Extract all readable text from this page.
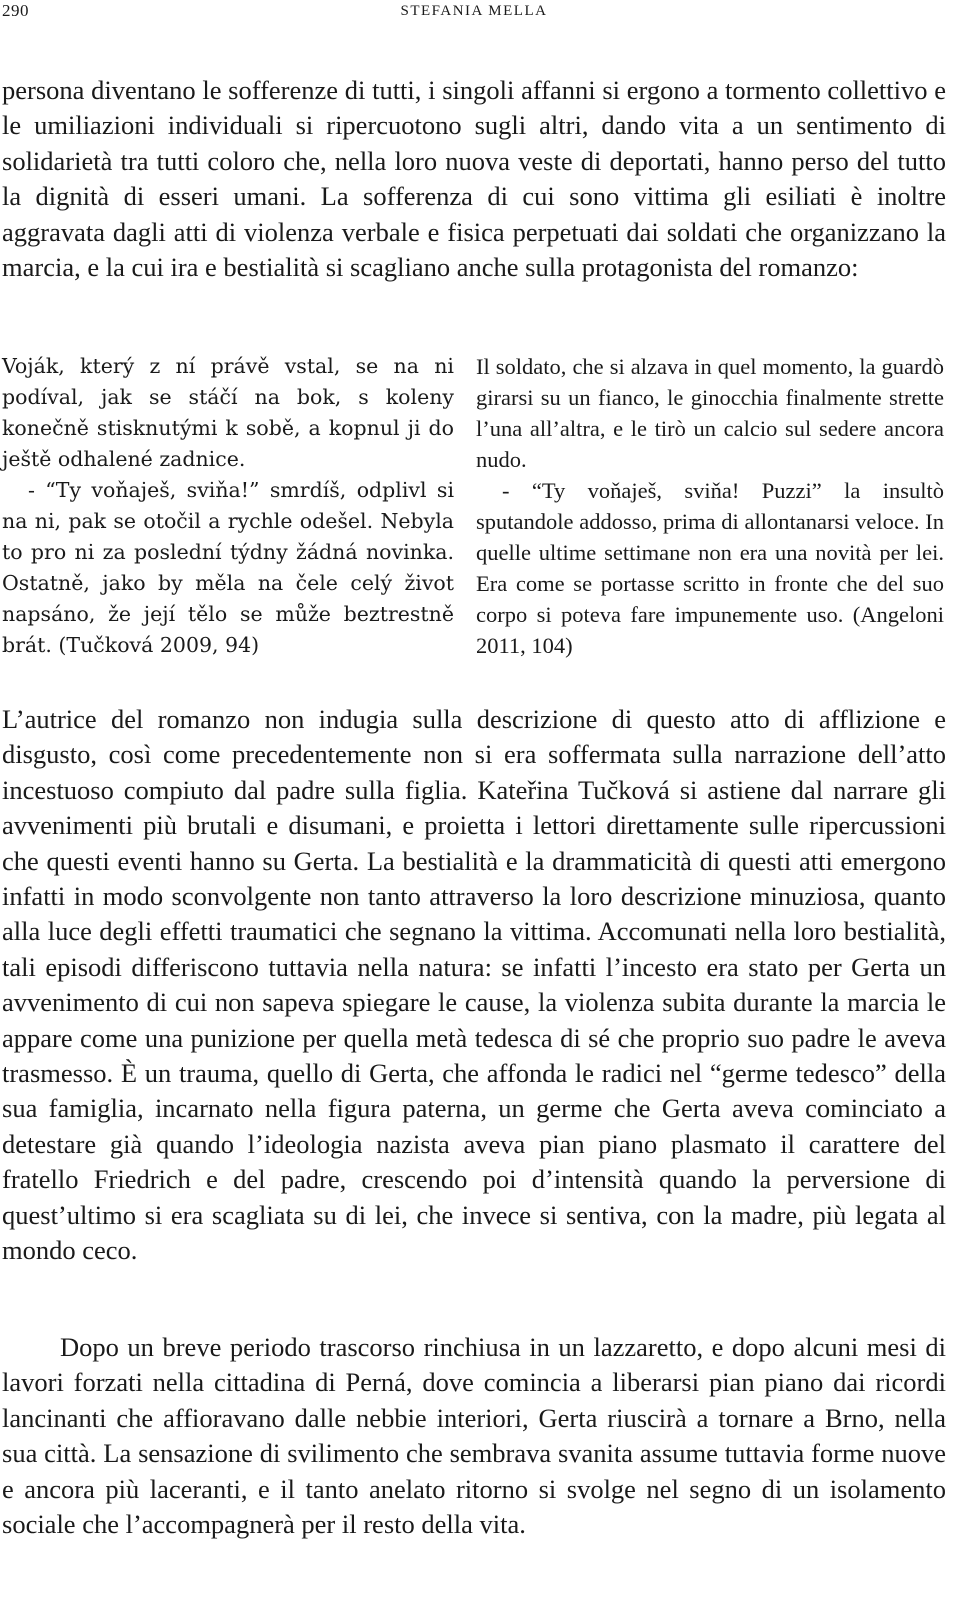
290	STEFANIA MELLA

persona diventano le sofferenze di tutti, i singoli affanni si ergono a tormento collettivo e le umiliazioni individuali si ripercuotono sugli altri, dando vita a un sentimento di solidarietà tra tutti coloro che, nella loro nuova veste di deportati, hanno perso del tutto la dignità di esseri umani. La sofferenza di cui sono vittima gli esiliati è inoltre aggravata dagli atti di violenza verbale e fisica perpetuati dai soldati che organizzano la marcia, e la cui ira e bestialità si scagliano anche sulla protagonista del romanzo:

Voják, který z ní právě vstal, se na ni podíval, jak se stáčí na bok, s koleny konečně stisknutými k sobě, a kopnul ji do ještě odhalené zadnice.
- “Ty voňaješ, sviňa!” smrdíš, odplivl si na ni, pak se otočil a rychle odešel. Nebyla to pro ni za poslední týdny žádná novinka. Ostatně, jako by měla na čele celý život napsáno, že její tělo se může beztrestně brát. (Tučková 2009, 94)
Il soldato, che si alzava in quel momento, la guardò girarsi su un fianco, le ginocchia finalmente strette l’una all’altra, e le tirò un calcio sul sedere ancora nudo.
- “Ty voňaješ, sviňa! Puzzi” la insultò sputandole addosso, prima di allontanarsi veloce. In quelle ultime settimane non era una novità per lei. Era come se portasse scritto in fronte che del suo corpo si poteva fare impunemente uso. (Angeloni 2011, 104)

L’autrice del romanzo non indugia sulla descrizione di questo atto di afflizione e disgusto, così come precedentemente non si era soffermata sulla narrazione dell’atto incestuoso compiuto dal padre sulla figlia. Kateřina Tučková si astiene dal narrare gli avvenimenti più brutali e disumani, e proietta i lettori direttamente sulle ripercussioni che questi eventi hanno su Gerta. La bestialità e la drammaticità di questi atti emergono infatti in modo sconvolgente non tanto attraverso la loro descrizione minuziosa, quanto alla luce degli effetti traumatici che segnano la vittima. Accomunati nella loro bestialità, tali episodi differiscono tuttavia nella natura: se infatti l’incesto era stato per Gerta un avvenimento di cui non sapeva spiegare le cause, la violenza subita durante la marcia le appare come una punizione per quella metà tedesca di sé che proprio suo padre le aveva trasmesso. È un trauma, quello di Gerta, che affonda le radici nel “germe tedesco” della sua famiglia, incarnato nella figura paterna, un germe che Gerta aveva cominciato a detestare già quando l’ideologia nazista aveva pian piano plasmato il carattere del fratello Friedrich e del padre, crescendo poi d’intensità quando la perversione di quest’ultimo si era scagliata su di lei, che invece si sentiva, con la madre, più legata al mondo ceco.

Dopo un breve periodo trascorso rinchiusa in un lazzaretto, e dopo alcuni mesi di lavori forzati nella cittadina di Perná, dove comincia a liberarsi pian piano dai ricordi lancinanti che affioravano dalle nebbie interiori, Gerta riuscirà a tornare a Brno, nella sua città. La sensazione di svilimento che sembrava svanita assume tuttavia forme nuove e ancora più laceranti, e il tanto anelato ritorno si svolge nel segno di un isolamento sociale che l’accompagnerà per il resto della vita.
